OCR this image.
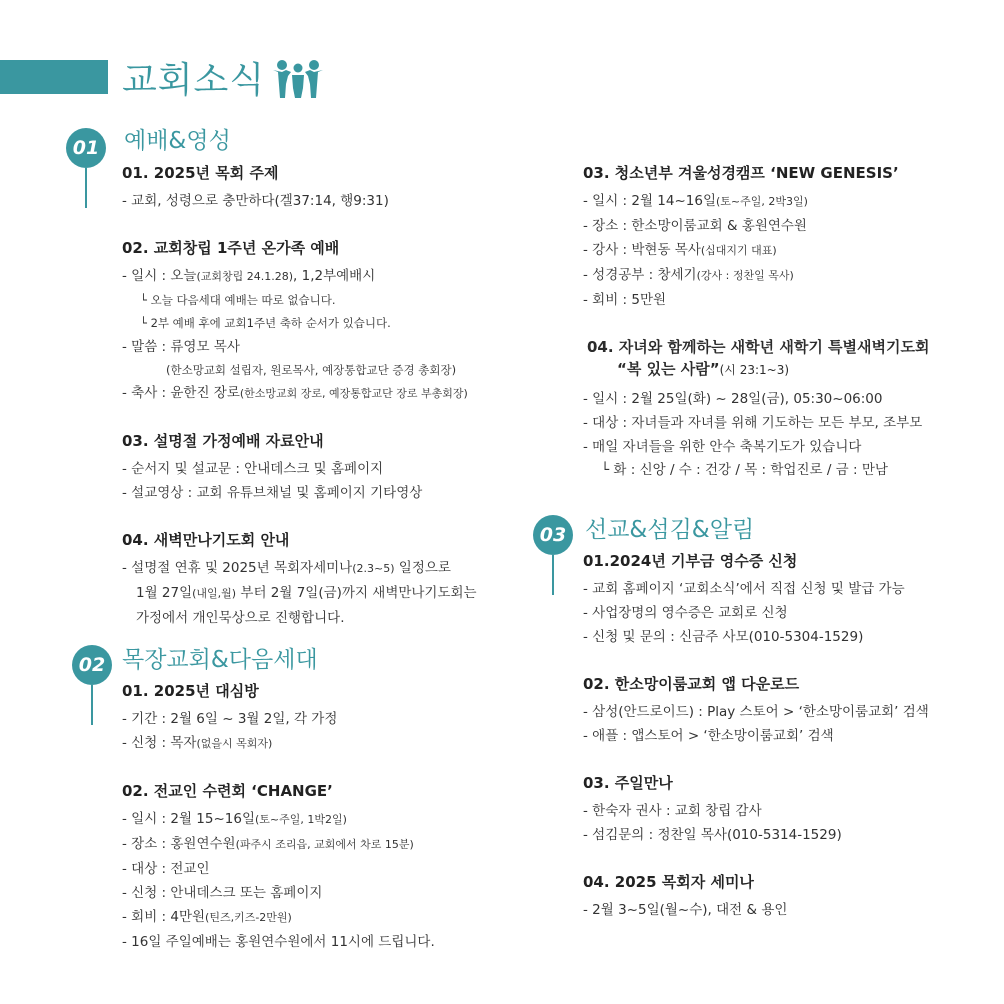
교회소식
01 예배&영성
01. 2025년 목회 주제
- 교회, 성령으로 충만하다(겔37:14, 행9:31)
02. 교회창립 1주년 온가족 예배
- 일시 : 오늘(교회창립 24.1.28), 1,2부예배시
└ 오늘 다음세대 예배는 따로 없습니다.
└ 2부 예배 후에 교회1주년 축하 순서가 있습니다.
- 말씀 : 류영모 목사
(한소망교회 설립자, 원로목사, 예장통합교단 증경 총회장)
- 축사 : 윤한진 장로(한소망교회 장로, 예장통합교단 장로 부총회장)
03. 설명절 가정예배 자료안내
- 순서지 및 설교문 : 안내데스크 및 홈페이지
- 설교영상 : 교회 유튜브채널 및 홈페이지 기타영상
04. 새벽만나기도회 안내
- 설명절 연휴 및 2025년 목회자세미나(2.3~5) 일정으로
1월 27일(내일,월) 부터 2월 7일(금)까지 새벽만나기도회는
가정에서 개인묵상으로 진행합니다.
02 목장교회&다음세대
01. 2025년 대심방
- 기간 : 2월 6일 ~ 3월 2일, 각 가정
- 신청 : 목자(없을시 목회자)
02. 전교인 수련회 ‘CHANGE’
- 일시 : 2월 15~16일(토~주일, 1박2일)
- 장소 : 홍원연수원(파주시 조리읍, 교회에서 차로 15분)
- 대상 : 전교인
- 신청 : 안내데스크 또는 홈페이지
- 회비 : 4만원(틴즈,키즈-2만원)
- 16일 주일예배는 홍원연수원에서 11시에 드립니다.
03. 청소년부 겨울성경캠프 ‘NEW GENESIS’
- 일시 : 2월 14~16일(토~주일, 2박3일)
- 장소 : 한소망이룸교회 & 홍원연수원
- 강사 : 박현동 목사(십대지기 대표)
- 성경공부 : 창세기(강사 : 정찬일 목사)
- 회비 : 5만원
04. 자녀와 함께하는 새학년 새학기 특별새벽기도회
“복 있는 사람”(시 23:1~3)
- 일시 : 2월 25일(화) ~ 28일(금), 05:30~06:00
- 대상 : 자녀들과 자녀를 위해 기도하는 모든 부모, 조부모
- 매일 자녀들을 위한 안수 축복기도가 있습니다
└ 화 : 신앙 / 수 : 건강 / 목 : 학업진로 / 금 : 만남
03 선교&섬김&알림
01.2024년 기부금 영수증 신청
- 교회 홈페이지 ‘교회소식’에서 직접 신청 및 발급 가능
- 사업장명의 영수증은 교회로 신청
- 신청 및 문의 : 신금주 사모(010-5304-1529)
02. 한소망이룸교회 앱 다운로드
- 삼성(안드로이드) : Play 스토어 > ‘한소망이룸교회’ 검색
- 애플 : 앱스토어 > ‘한소망이룸교회’ 검색
03. 주일만나
- 한숙자 권사 : 교회 창립 감사
- 섬김문의 : 정찬일 목사(010-5314-1529)
04. 2025 목회자 세미나
- 2월 3~5일(월~수), 대전 & 용인
